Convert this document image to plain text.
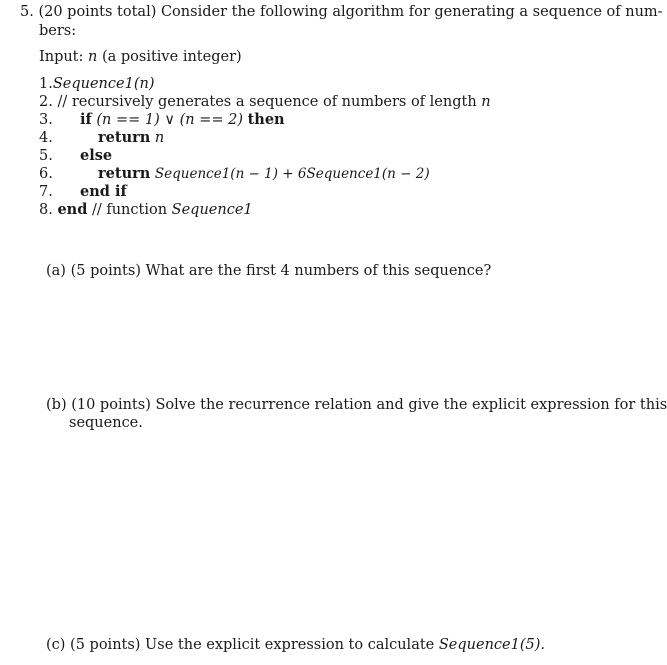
5. (20 points total) Consider the following algorithm for generating a sequence of num-
bers:
Input: n (a positive integer)
1.Sequence1(n)
2. // recursively generates a sequence of numbers of length n
3. if (n == 1) ∨ (n == 2) then
4.	return n
5. else
6.	return Sequence1(n − 1) + 6Sequence1(n − 2)
7. end if
8. end // function Sequence1
(a) (5 points) What are the first 4 numbers of this sequence?
(b) (10 points) Solve the recurrence relation and give the explicit expression for this
sequence.
(c) (5 points) Use the explicit expression to calculate Sequence1(5).
